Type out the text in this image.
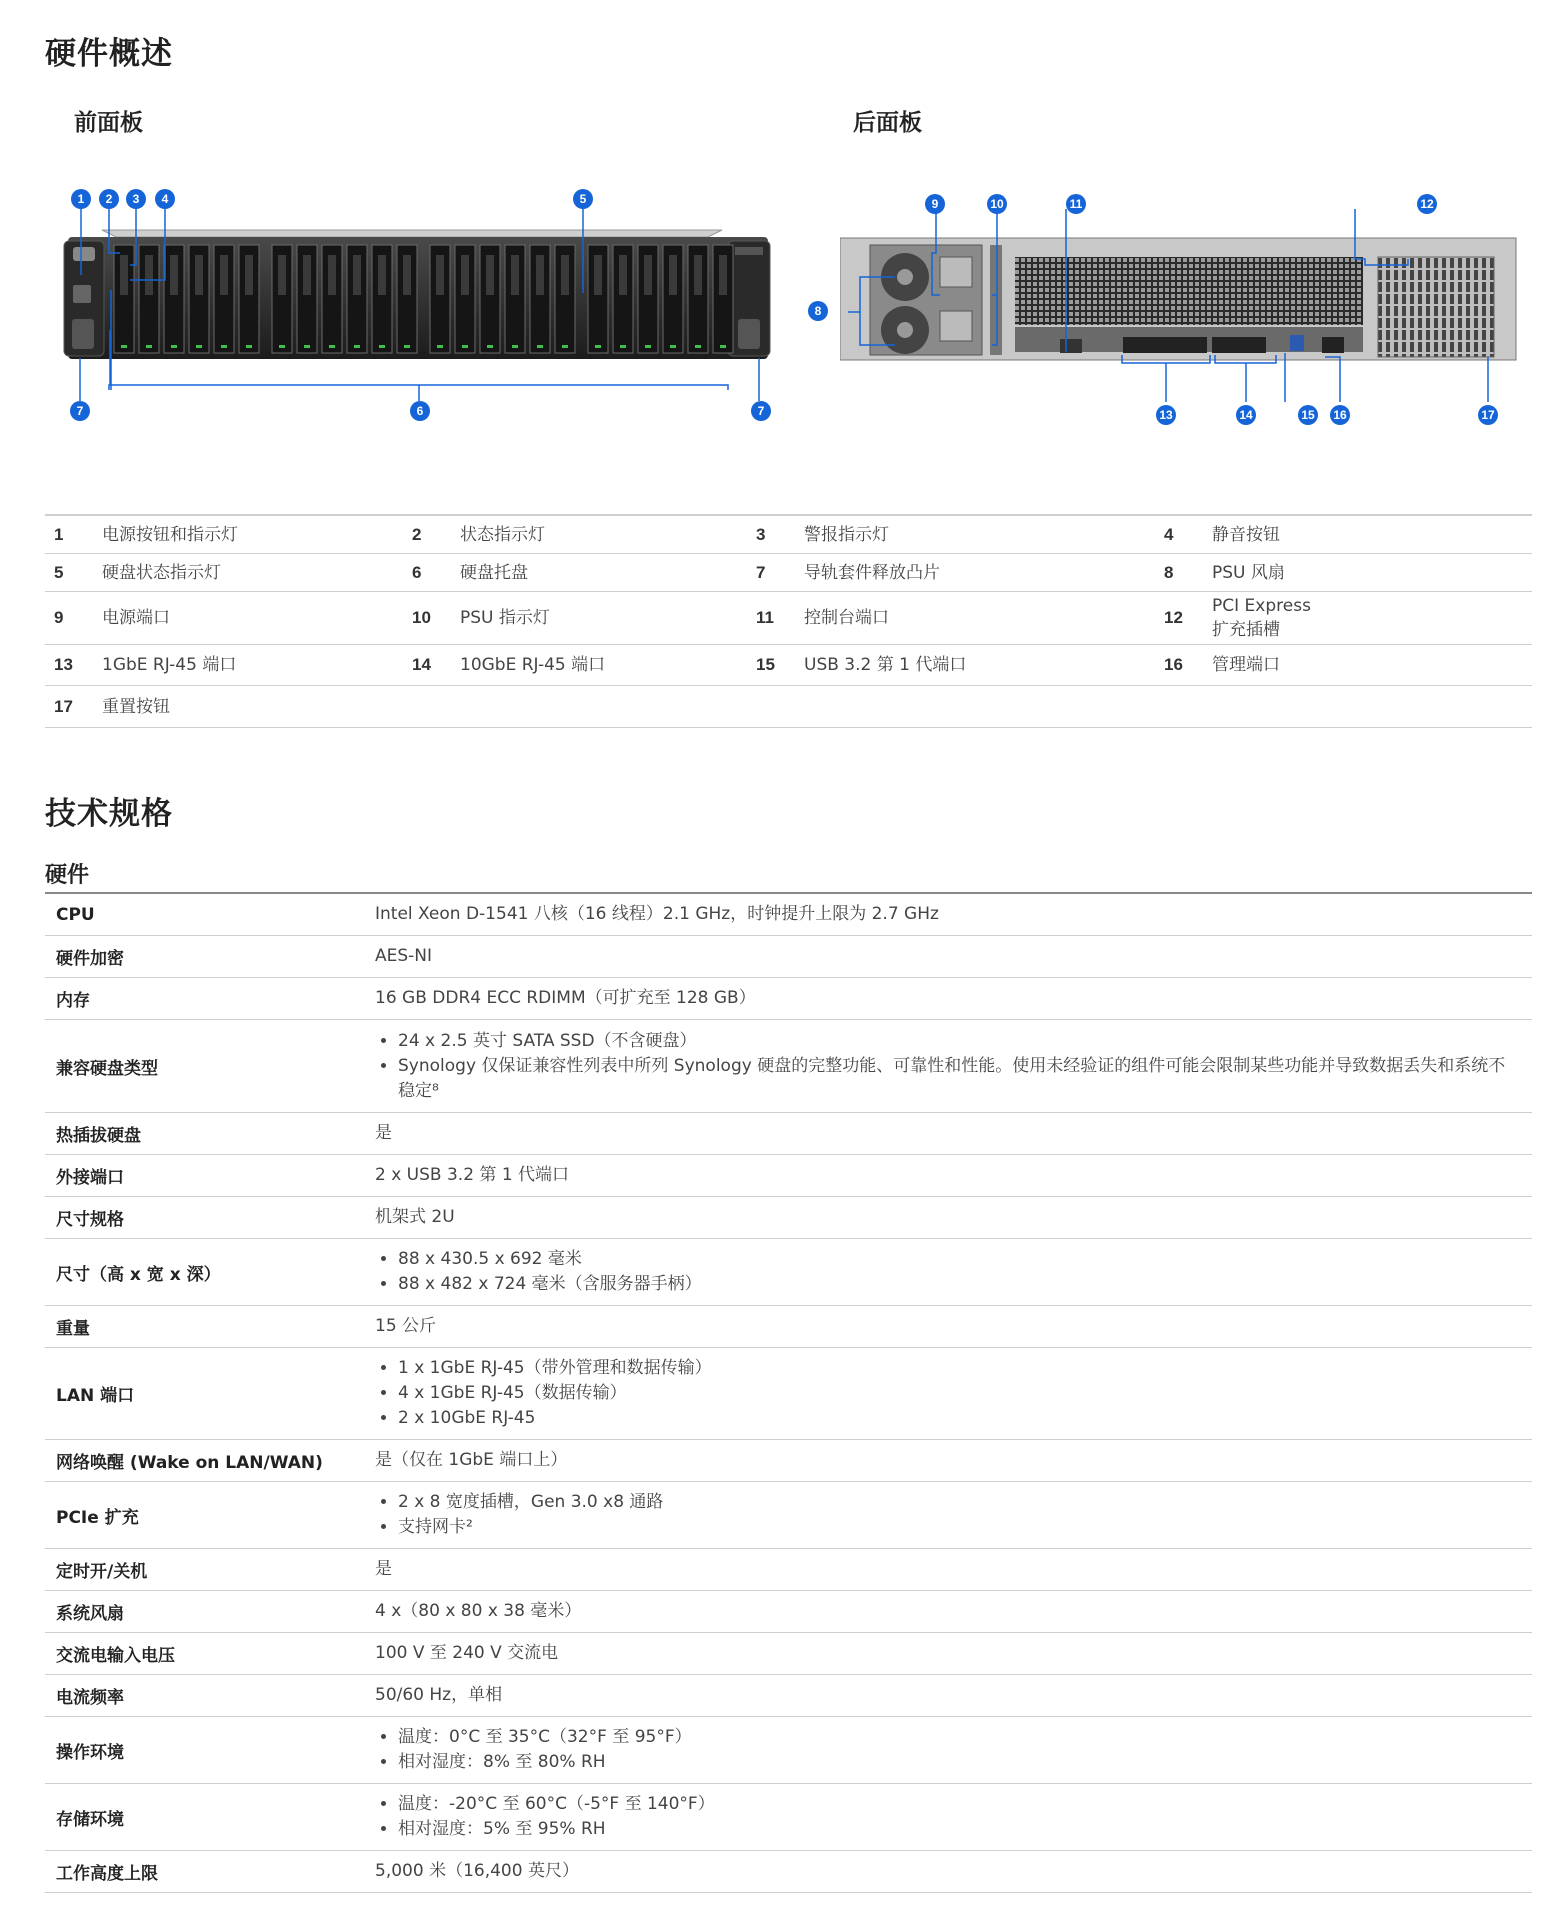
硬件概述
前面板	后面板
1	2	3	4	5
6
7	7
8
9	10	11	12
13	14	15 16	17
1	电源按钮和指示灯	2	状态指示灯	3	警报指示灯	4	静音按钮
5	硬盘状态指示灯	6	硬盘托盘	7	导轨套件释放凸片	8	PSU 风扇
9	电源端口	10	PSU 指示灯	11	控制台端口	12
PCI Express
扩充插槽
13	1GbE RJ-45 端口	14	10GbE RJ-45 端口	15	USB 3.2 第 1 代端口	16	管理端口
17	重置按钮
技术规格
硬件
CPU	Intel Xeon D-1541 八核（16 线程）2.1 GHz，时钟提升上限为 2.7 GHz
硬件加密	AES-NI
内存	16 GB DDR4 ECC RDIMM（可扩充至 128 GB）
兼容硬盘类型
• 24 x 2.5 英寸 SATA SSD（不含硬盘）
• Synology 仅保证兼容性列表中所列 Synology 硬盘的完整功能、可靠性和性能。使用未经验证的组件可能会限制某些功能并导致数据丢失和系统不稳定⁸
热插拔硬盘	是
外接端口	2 x USB 3.2 第 1 代端口
尺寸规格	机架式 2U
尺寸（高 x 宽 x 深）
• 88 x 430.5 x 692 毫米
• 88 x 482 x 724 毫米（含服务器手柄）
重量	15 公斤
LAN 端口
• 1 x 1GbE RJ-45（带外管理和数据传输）
• 4 x 1GbE RJ-45（数据传输）
• 2 x 10GbE RJ-45
网络唤醒 (Wake on LAN/WAN)	是（仅在 1GbE 端口上）
PCIe 扩充
• 2 x 8 宽度插槽，Gen 3.0 x8 通路
• 支持网卡²
定时开/关机	是
系统风扇	4 x（80 x 80 x 38 毫米）
交流电输入电压	100 V 至 240 V 交流电
电流频率	50/60 Hz，单相
操作环境
• 温度：0°C 至 35°C（32°F 至 95°F）
• 相对湿度：8% 至 80% RH
存储环境
• 温度：-20°C 至 60°C（-5°F 至 140°F）
• 相对湿度：5% 至 95% RH
工作高度上限	5,000 米（16,400 英尺）
